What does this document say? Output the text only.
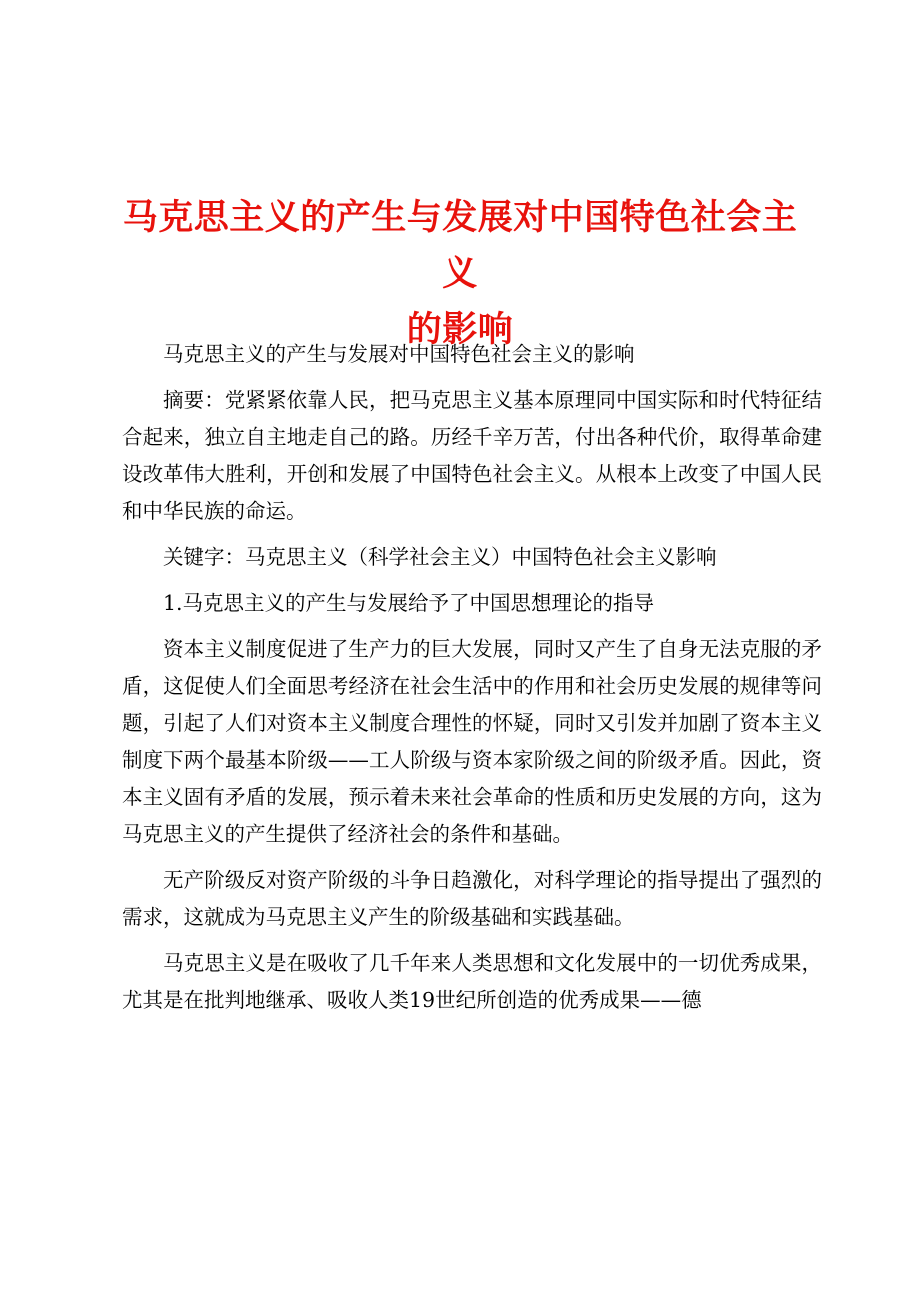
马克思主义的产生与发展对中国特色社会主义
的影响

马克思主义的产生与发展对中国特色社会主义的影响

摘要：党紧紧依靠人民，把马克思主义基本原理同中国实际和时代特征结合起来，独立自主地走自己的路。历经千辛万苦，付出各种代价，取得革命建设改革伟大胜利，开创和发展了中国特色社会主义。从根本上改变了中国人民和中华民族的命运。

关键字：马克思主义（科学社会主义）中国特色社会主义影响

1.马克思主义的产生与发展给予了中国思想理论的指导

资本主义制度促进了生产力的巨大发展，同时又产生了自身无法克服的矛盾，这促使人们全面思考经济在社会生活中的作用和社会历史发展的规律等问题，引起了人们对资本主义制度合理性的怀疑，同时又引发并加剧了资本主义制度下两个最基本阶级——工人阶级与资本家阶级之间的阶级矛盾。因此，资本主义固有矛盾的发展，预示着未来社会革命的性质和历史发展的方向，这为马克思主义的产生提供了经济社会的条件和基础。

无产阶级反对资产阶级的斗争日趋激化，对科学理论的指导提出了强烈的需求，这就成为马克思主义产生的阶级基础和实践基础。

马克思主义是在吸收了几千年来人类思想和文化发展中的一切优秀成果，尤其是在批判地继承、吸收人类19世纪所创造的优秀成果——德
